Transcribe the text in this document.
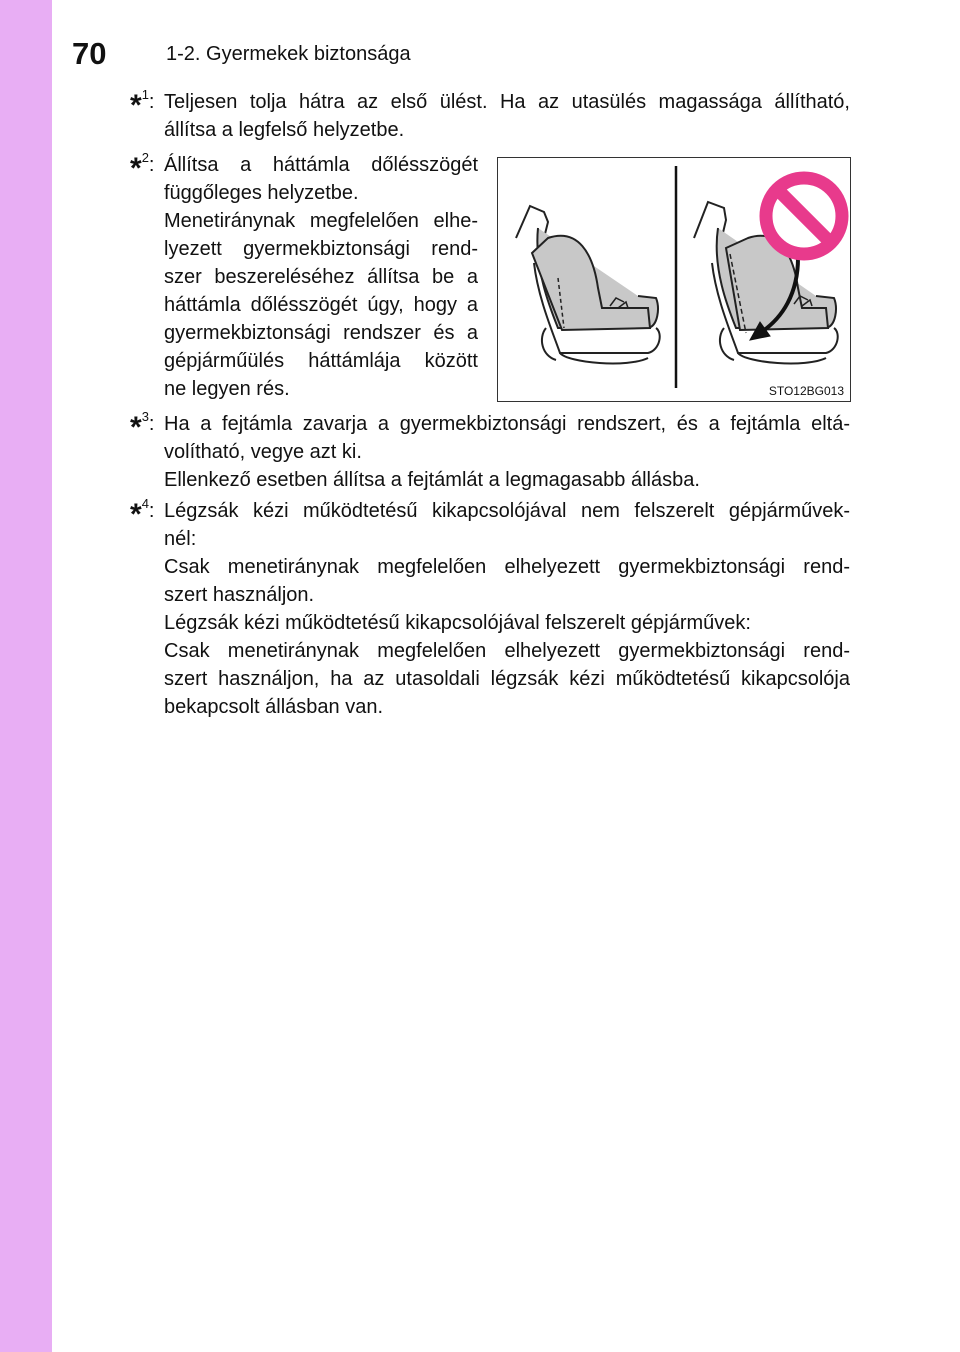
70	1-2. Gyermekek biztonsága
*$^1$: Teljesen tolja hátra az első ülést. Ha az utasülés magassága állítható,
állítsa a legfelső helyzetbe.
*$^2$: Állítsa a háttámla dőlésszögét
függőleges helyzetbe.
Menetiránynak megfelelően elhe-
lyezett gyermekbiztonsági rend-
szer beszereléséhez állítsa be a
háttámla dőlésszögét úgy, hogy a
gyermekbiztonsági rendszer és a
gépjárműülés háttámlája között
ne legyen rés.	STO12BG013
*$^3$: Ha a fejtámla zavarja a gyermekbiztonsági rendszert, és a fejtámla eltá-
volítható, vegye azt ki.
Ellenkező esetben állítsa a fejtámlát a legmagasabb állásba.
*$^4$: Légzsák kézi működtetésű kikapcsolójával nem felszerelt gépjárművek-
nél:
Csak menetiránynak megfelelően elhelyezett gyermekbiztonsági rend-
szert használjon.
Légzsák kézi működtetésű kikapcsolójával felszerelt gépjárművek:
Csak menetiránynak megfelelően elhelyezett gyermekbiztonsági rend-
szert használjon, ha az utasoldali légzsák kézi működtetésű kikapcsolója
bekapcsolt állásban van.
